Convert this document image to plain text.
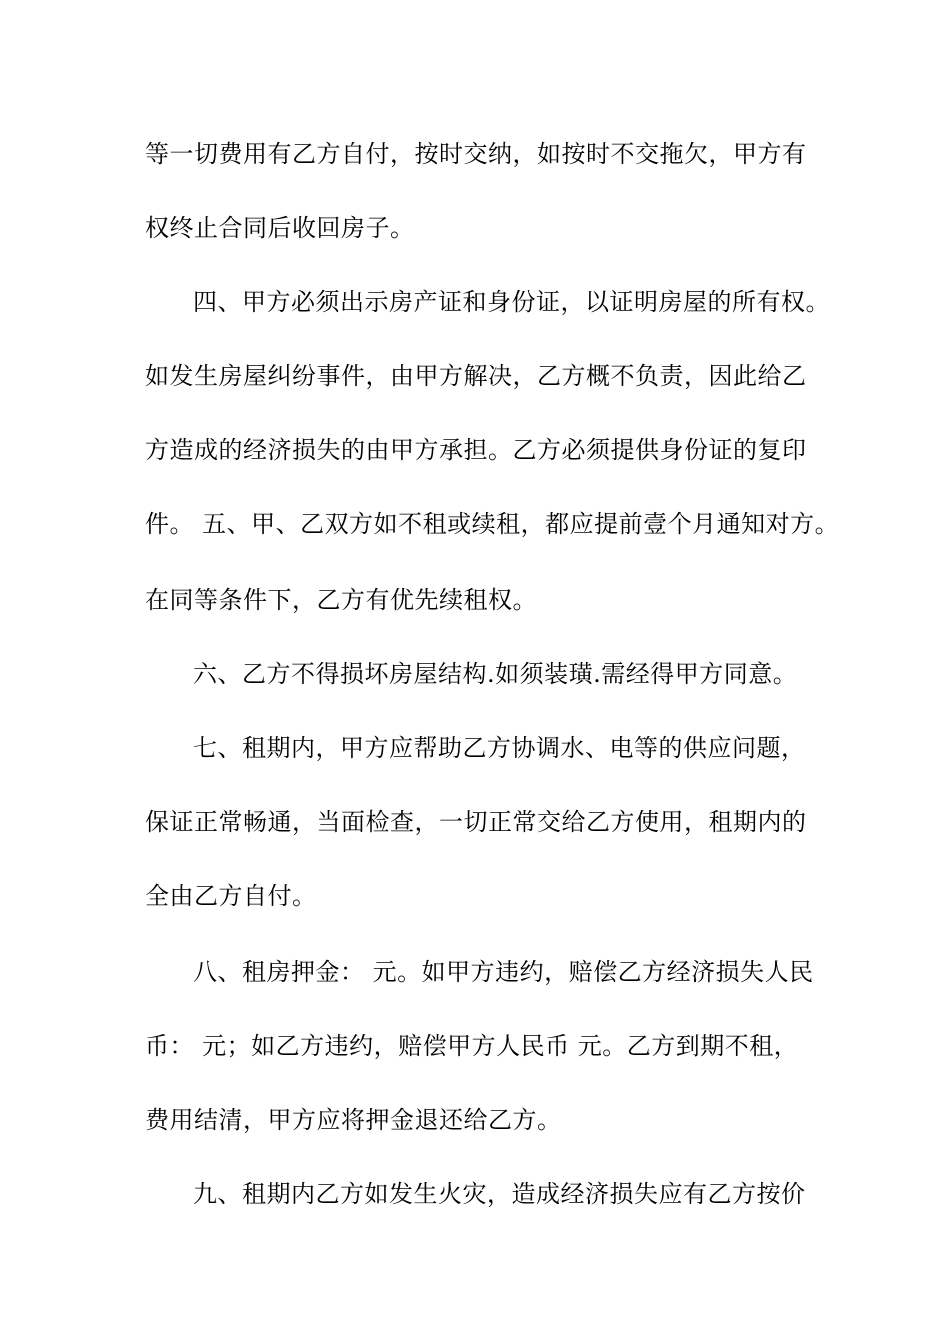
等一切费用有乙方自付，按时交纳，如按时不交拖欠，甲方有
权终止合同后收回房子。
四、甲方必须出示房产证和身份证，以证明房屋的所有权。
如发生房屋纠纷事件，由甲方解决，乙方概不负责，因此给乙
方造成的经济损失的由甲方承担。乙方必须提供身份证的复印
件。 五、甲、乙双方如不租或续租，都应提前壹个月通知对方。
在同等条件下，乙方有优先续租权。
六、乙方不得损坏房屋结构.如须装璜.需经得甲方同意。
七、租期内，甲方应帮助乙方协调水、电等的供应问题，
保证正常畅通，当面检查，一切正常交给乙方使用，租期内的
全由乙方自付。
八、租房押金： 元。如甲方违约，赔偿乙方经济损失人民
币： 元；如乙方违约，赔偿甲方人民币 元。乙方到期不租，
费用结清，甲方应将押金退还给乙方。
九、租期内乙方如发生火灾，造成经济损失应有乙方按价
